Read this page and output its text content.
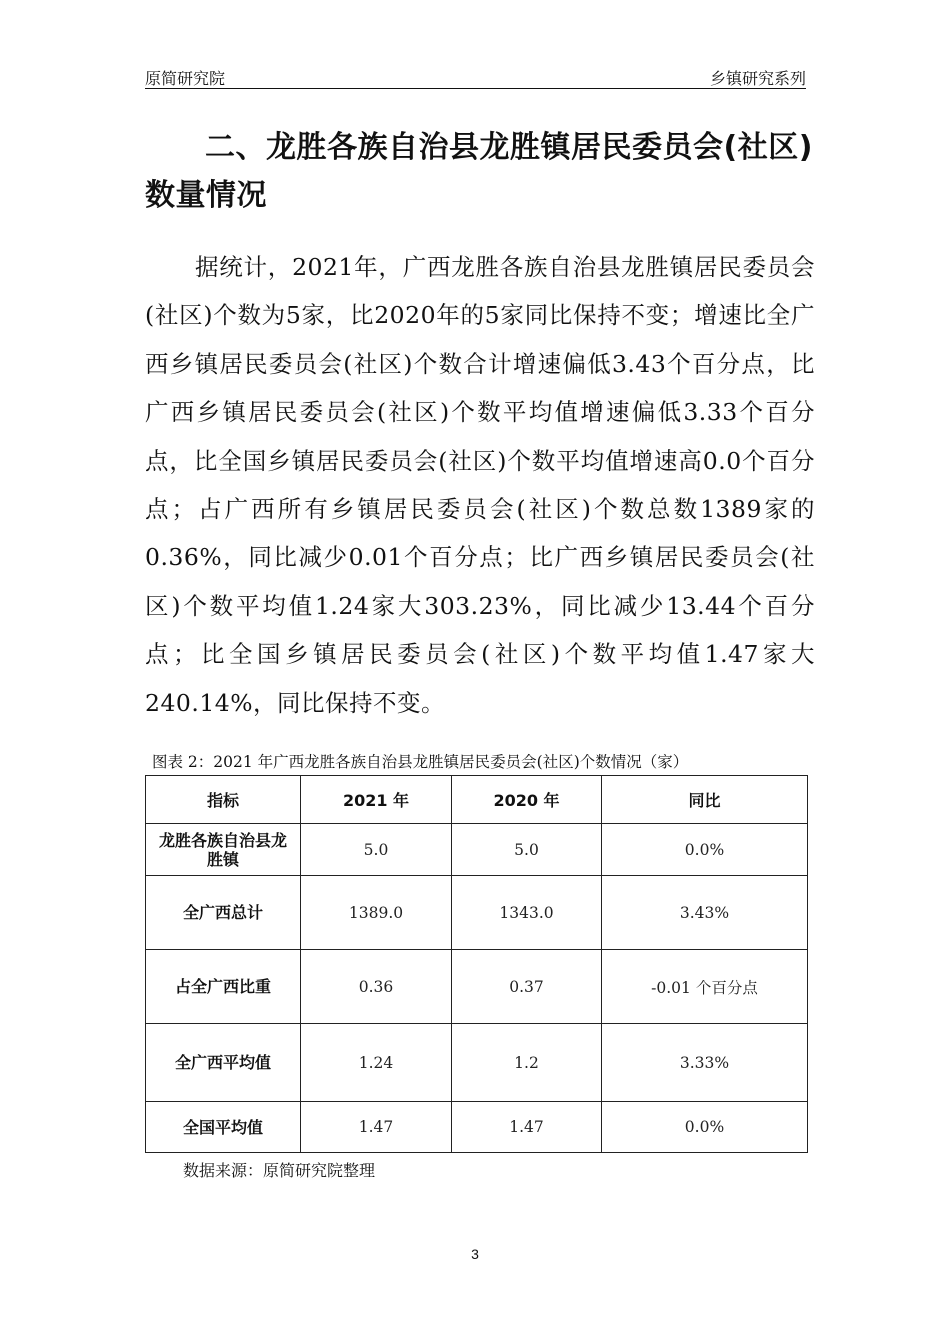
原简研究院	乡镇研究系列
二、龙胜各族自治县龙胜镇居民委员会(社区)数量情况

据统计，2021年，广西龙胜各族自治县龙胜镇居民委员会(社区)个数为5家，比2020年的5家同比保持不变；增速比全广西乡镇居民委员会(社区)个数合计增速偏低3.43个百分点，比广西乡镇居民委员会(社区)个数平均值增速偏低3.33个百分点，比全国乡镇居民委员会(社区)个数平均值增速高0.0个百分点；占广西所有乡镇居民委员会(社区)个数总数1389家的0.36%，同比减少0.01个百分点；比广西乡镇居民委员会(社区)个数平均值1.24家大303.23%，同比减少13.44个百分点；比全国乡镇居民委员会(社区)个数平均值1.47家大240.14%，同比保持不变。

图表 2：2021 年广西龙胜各族自治县龙胜镇居民委员会(社区)个数情况（家）
指标	2021 年	2020 年	同比
龙胜各族自治县龙胜镇	5.0	5.0	0.0%
全广西总计	1389.0	1343.0	3.43%
占全广西比重	0.36	0.37	-0.01 个百分点
全广西平均值	1.24	1.2	3.33%
全国平均值	1.47	1.47	0.0%
数据来源：原简研究院整理
3
